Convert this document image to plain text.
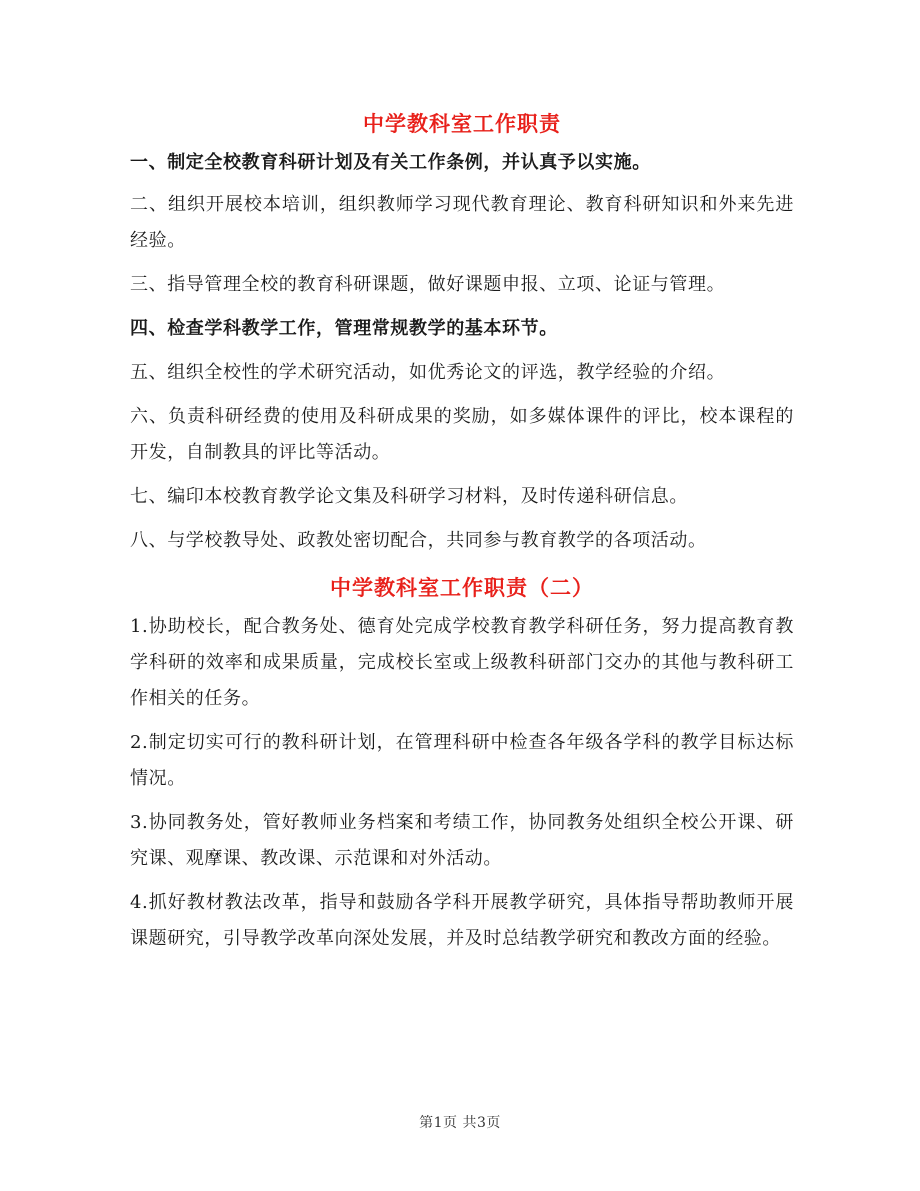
中学教科室工作职责

一、制定全校教育科研计划及有关工作条例，并认真予以实施。

二、组织开展校本培训，组织教师学习现代教育理论、教育科研知识和外来先进经验。

三、指导管理全校的教育科研课题，做好课题申报、立项、论证与管理。

四、检查学科教学工作，管理常规教学的基本环节。

五、组织全校性的学术研究活动，如优秀论文的评选，教学经验的介绍。

六、负责科研经费的使用及科研成果的奖励，如多媒体课件的评比，校本课程的开发，自制教具的评比等活动。

七、编印本校教育教学论文集及科研学习材料，及时传递科研信息。

八、与学校教导处、政教处密切配合，共同参与教育教学的各项活动。

中学教科室工作职责（二）

1.协助校长，配合教务处、德育处完成学校教育教学科研任务，努力提高教育教学科研的效率和成果质量，完成校长室或上级教科研部门交办的其他与教科研工作相关的任务。

2.制定切实可行的教科研计划，在管理科研中检查各年级各学科的教学目标达标情况。

3.协同教务处，管好教师业务档案和考绩工作，协同教务处组织全校公开课、研究课、观摩课、教改课、示范课和对外活动。

4.抓好教材教法改革，指导和鼓励各学科开展教学研究，具体指导帮助教师开展课题研究，引导教学改革向深处发展，并及时总结教学研究和教改方面的经验。

第1页 共3页
